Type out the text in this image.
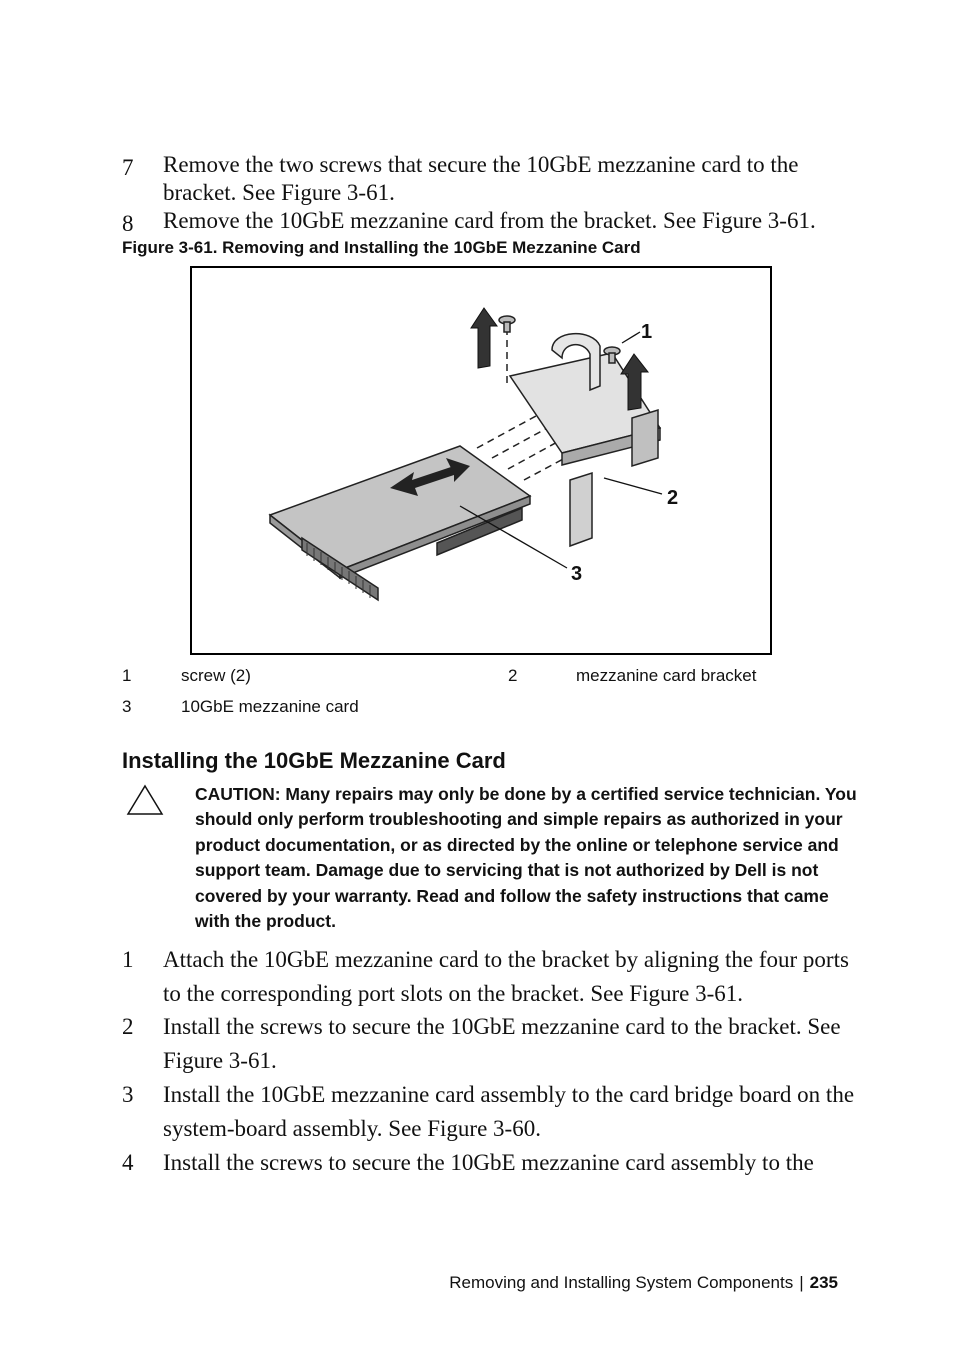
7 Remove the two screws that secure the 10GbE mezzanine card to the bracket. See Figure 3-61.
8 Remove the 10GbE mezzanine card from the bracket. See Figure 3-61.
Figure 3-61. Removing and Installing the 10GbE Mezzanine Card
1
2
3
1	screw (2)	2	mezzanine card bracket
3	10GbE mezzanine card
Installing the 10GbE Mezzanine Card
CAUTION: Many repairs may only be done by a certified service technician. You should only perform troubleshooting and simple repairs as authorized in your product documentation, or as directed by the online or telephone service and support team. Damage due to servicing that is not authorized by Dell is not covered by your warranty. Read and follow the safety instructions that came with the product.
1 Attach the 10GbE mezzanine card to the bracket by aligning the four ports to the corresponding port slots on the bracket. See Figure 3-61.
2 Install the screws to secure the 10GbE mezzanine card to the bracket. See Figure 3-61.
3 Install the 10GbE mezzanine card assembly to the card bridge board on the system-board assembly. See Figure 3-60.
4 Install the screws to secure the 10GbE mezzanine card assembly to the
Removing and Installing System Components | 235
